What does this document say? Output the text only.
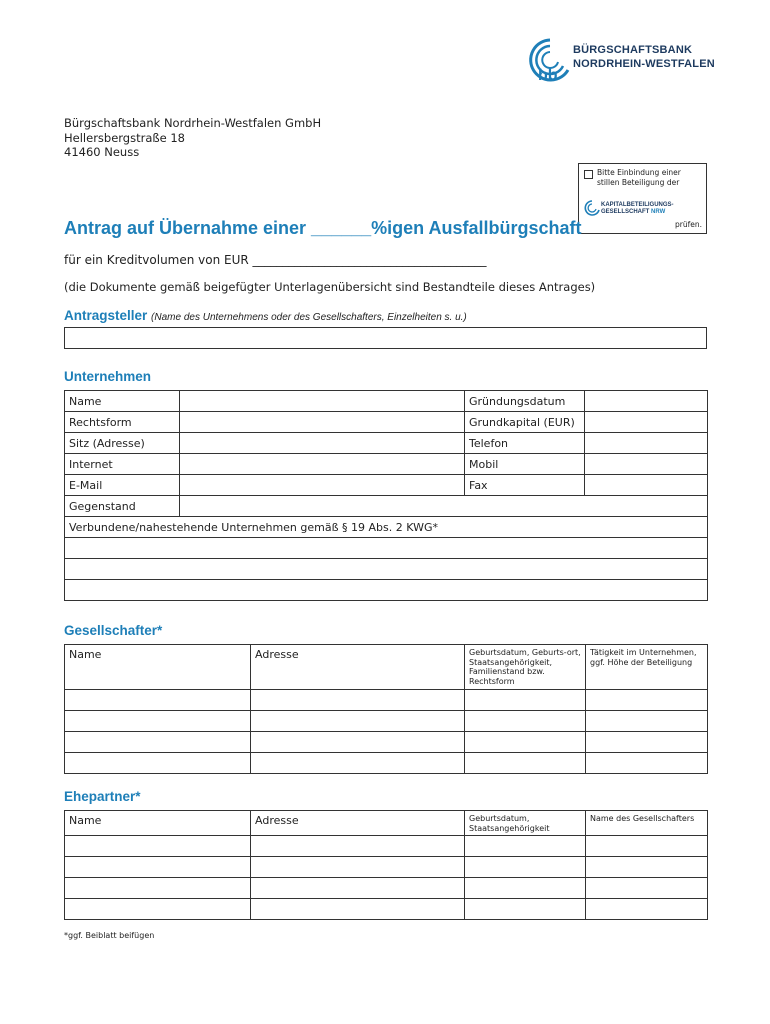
bb
BÜRGSCHAFTSBANK
NORDRHEIN-WESTFALEN
Bürgschaftsbank Nordrhein-Westfalen GmbH
Hellersbergstraße 18
41460 Neuss
Bitte Einbindung einer
stillen Beteiligung der
KAPITALBETEILIGUNGS-
GESELLSCHAFT NRW
prüfen.
Antrag auf Übernahme einer ______%igen Ausfallbürgschaft
für ein Kreditvolumen von EUR _______________________________________
(die Dokumente gemäß beigefügter Unterlagenübersicht sind Bestandteile dieses Antrages)
Antragsteller (Name des Unternehmens oder des Gesellschafters, Einzelheiten s. u.)
Unternehmen
Name		Gründungsdatum	
Rechtsform		Grundkapital (EUR)	
Sitz (Adresse)		Telefon	
Internet		Mobil	
E-Mail		Fax	
Gegenstand			
Verbundene/nahestehende Unternehmen gemäß § 19 Abs. 2 KWG*			

Gesellschafter*
Name	Adresse	Geburtsdatum, Geburts-ort, Staatsangehörigkeit, Familienstand bzw. Rechtsform	Tätigkeit im Unternehmen, ggf. Höhe der Beteiligung

Ehepartner*
Name	Adresse	Geburtsdatum, Staatsangehörigkeit	Name des Gesellschafters

*ggf. Beiblatt beifügen
